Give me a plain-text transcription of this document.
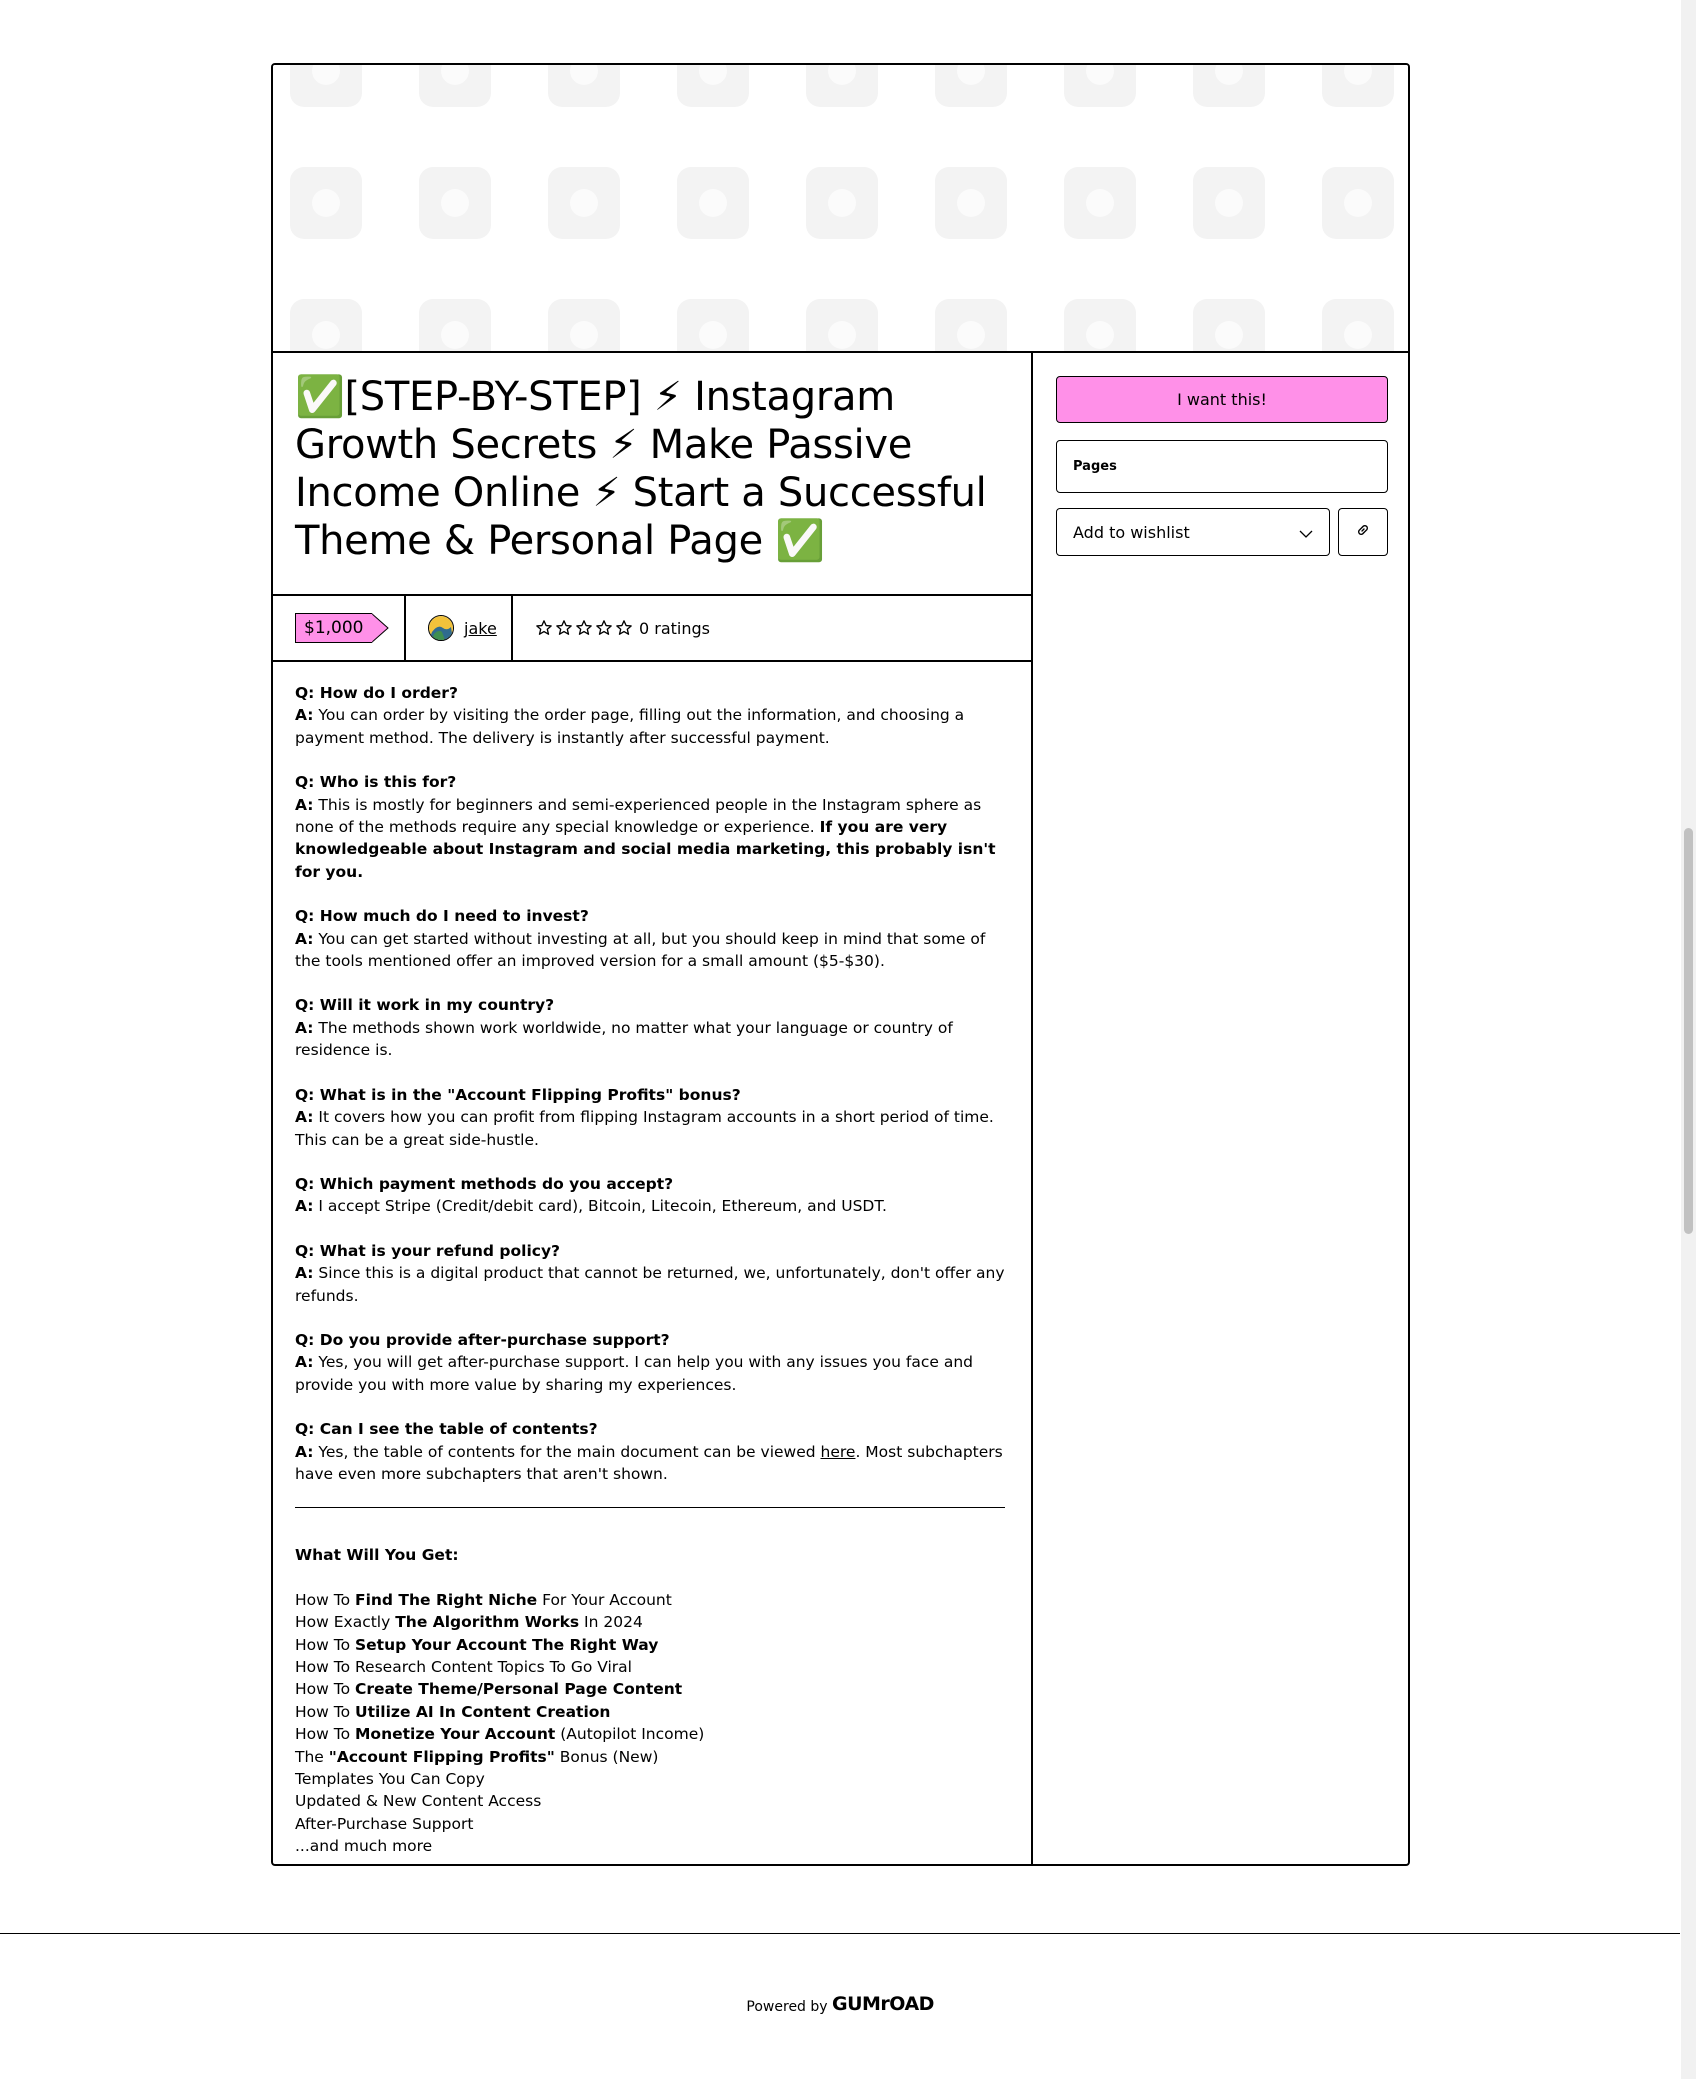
✅[STEP-BY-STEP] ⚡ Instagram Growth Secrets ⚡ Make Passive Income Online ⚡ Start a Successful Theme & Personal Page ✅
$1,000	jake	0 ratings
Q: How do I order?
A: You can order by visiting the order page, filling out the information, and choosing a payment method. The delivery is instantly after successful payment.
Q: Who is this for?
A: This is mostly for beginners and semi-experienced people in the Instagram sphere as none of the methods require any special knowledge or experience. If you are very knowledgeable about Instagram and social media marketing, this probably isn't for you.
Q: How much do I need to invest?
A: You can get started without investing at all, but you should keep in mind that some of the tools mentioned offer an improved version for a small amount ($5-$30).
Q: Will it work in my country?
A: The methods shown work worldwide, no matter what your language or country of residence is.
Q: What is in the "Account Flipping Profits" bonus?
A: It covers how you can profit from flipping Instagram accounts in a short period of time. This can be a great side-hustle.
Q: Which payment methods do you accept?
A: I accept Stripe (Credit/debit card), Bitcoin, Litecoin, Ethereum, and USDT.
Q: What is your refund policy?
A: Since this is a digital product that cannot be returned, we, unfortunately, don't offer any refunds.
Q: Do you provide after-purchase support?
A: Yes, you will get after-purchase support. I can help you with any issues you face and provide you with more value by sharing my experiences.
Q: Can I see the table of contents?
A: Yes, the table of contents for the main document can be viewed here. Most subchapters have even more subchapters that aren't shown.
What Will You Get:
How To Find The Right Niche For Your Account
How Exactly The Algorithm Works In 2024
How To Setup Your Account The Right Way
How To Research Content Topics To Go Viral
How To Create Theme/Personal Page Content
How To Utilize AI In Content Creation
How To Monetize Your Account (Autopilot Income)
The "Account Flipping Profits" Bonus (New)
Templates You Can Copy
Updated & New Content Access
After-Purchase Support
...and much more
I want this!
Pages
Add to wishlist
Powered by GUMrOAD
